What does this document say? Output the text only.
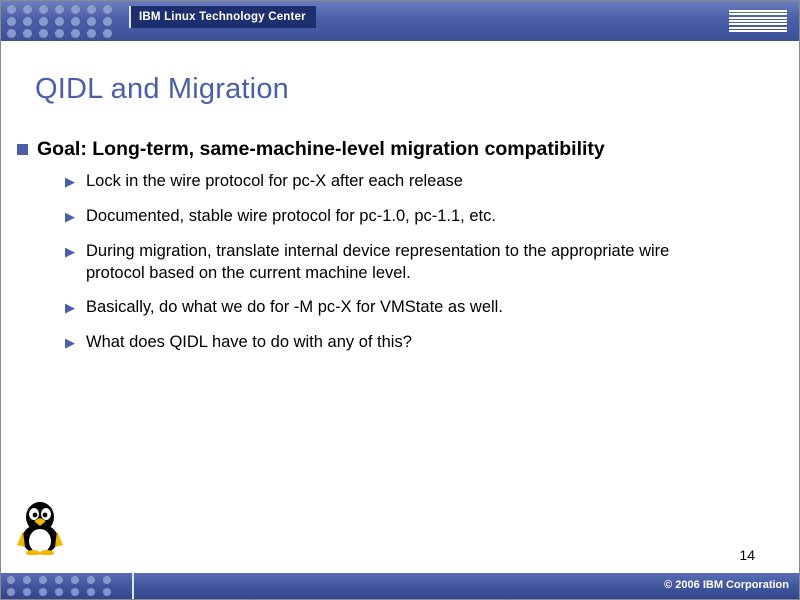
IBM Linux Technology Center
QIDL and Migration
Goal: Long-term, same-machine-level migration compatibility
▶ Lock in the wire protocol for pc-X after each release
▶ Documented, stable wire protocol for pc-1.0, pc-1.1, etc.
▶ During migration, translate internal device representation to the appropriate wire protocol based on the current machine level.
▶ Basically, do what we do for -M pc-X for VMState as well.
▶ What does QIDL have to do with any of this?
14
© 2006 IBM Corporation
